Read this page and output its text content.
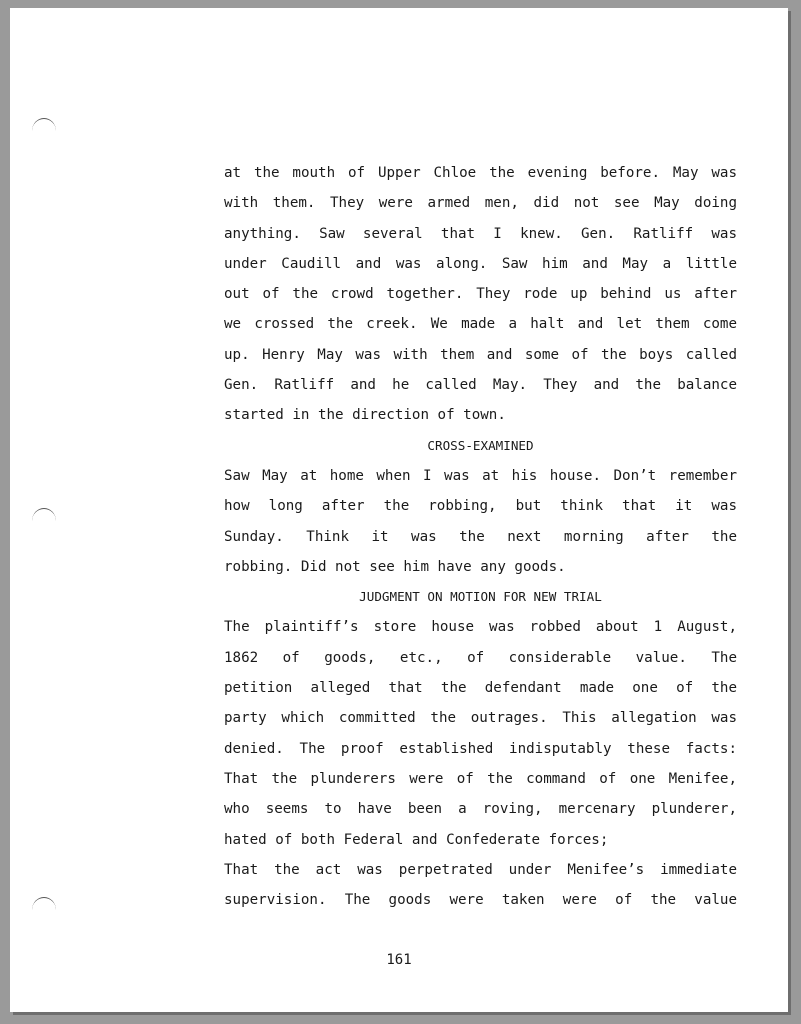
at the mouth of Upper Chloe the evening before. May was
with them. They were armed men, did not see May doing
anything. Saw several that I knew. Gen. Ratliff was
under Caudill and was along. Saw him and May a little
out of the crowd together. They rode up behind us after
we crossed the creek. We made a halt and let them come
up. Henry May was with them and some of the boys called
Gen. Ratliff and he called May. They and the balance
started in the direction of town.
CROSS-EXAMINED
Saw May at home when I was at his house. Don’t remember
how long after the robbing, but think that it was
Sunday. Think it was the next morning after the
robbing. Did not see him have any goods.
JUDGMENT ON MOTION FOR NEW TRIAL
The plaintiff’s store house was robbed about 1 August,
1862 of goods, etc., of considerable value. The
petition alleged that the defendant made one of the
party which committed the outrages. This allegation was
denied. The proof established indisputably these facts:
That the plunderers were of the command of one Menifee,
who seems to have been a roving, mercenary plunderer,
hated of both Federal and Confederate forces;
That the act was perpetrated under Menifee’s immediate
supervision. The goods were taken were of the value
161
